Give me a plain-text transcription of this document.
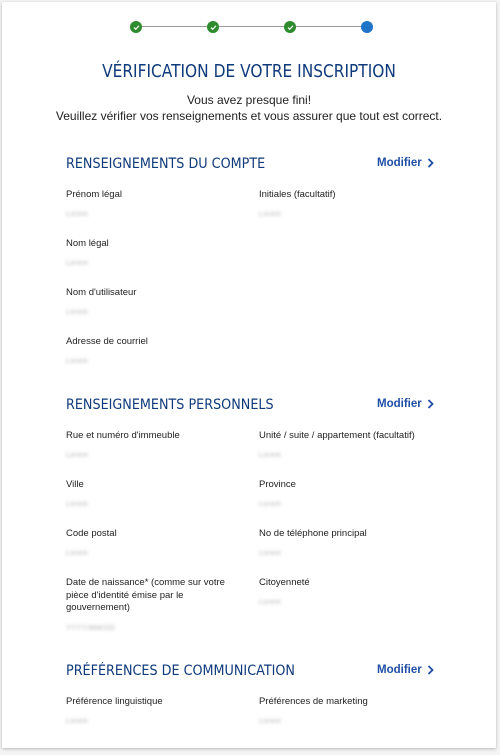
VÉRIFICATION DE VOTRE INSCRIPTION
Vous avez presque fini!
Veuillez vérifier vos renseignements et vous assurer que tout est correct.
RENSEIGNEMENTS DU COMPTE	Modifier
Prénom légal
Lorem
Initiales (facultatif)
Lorem
Nom légal
Lorem
Nom d'utilisateur
Lorem
Adresse de courriel
Lorem
RENSEIGNEMENTS PERSONNELS	Modifier
Rue et numéro d'immeuble
Lorem
Unité / suite / appartement (facultatif)
Lorem
Ville
Lorem
Province
Lorem
Code postal
Lorem
No de téléphone principal
Lorem
Date de naissance* (comme sur votre pièce d'identité émise par le gouvernement)
YYYY/MM/DD
Citoyenneté
Lorem
PRÉFÉRENCES DE COMMUNICATION	Modifier
Préférence linguistique
Lorem
Préférences de marketing
Lorem
